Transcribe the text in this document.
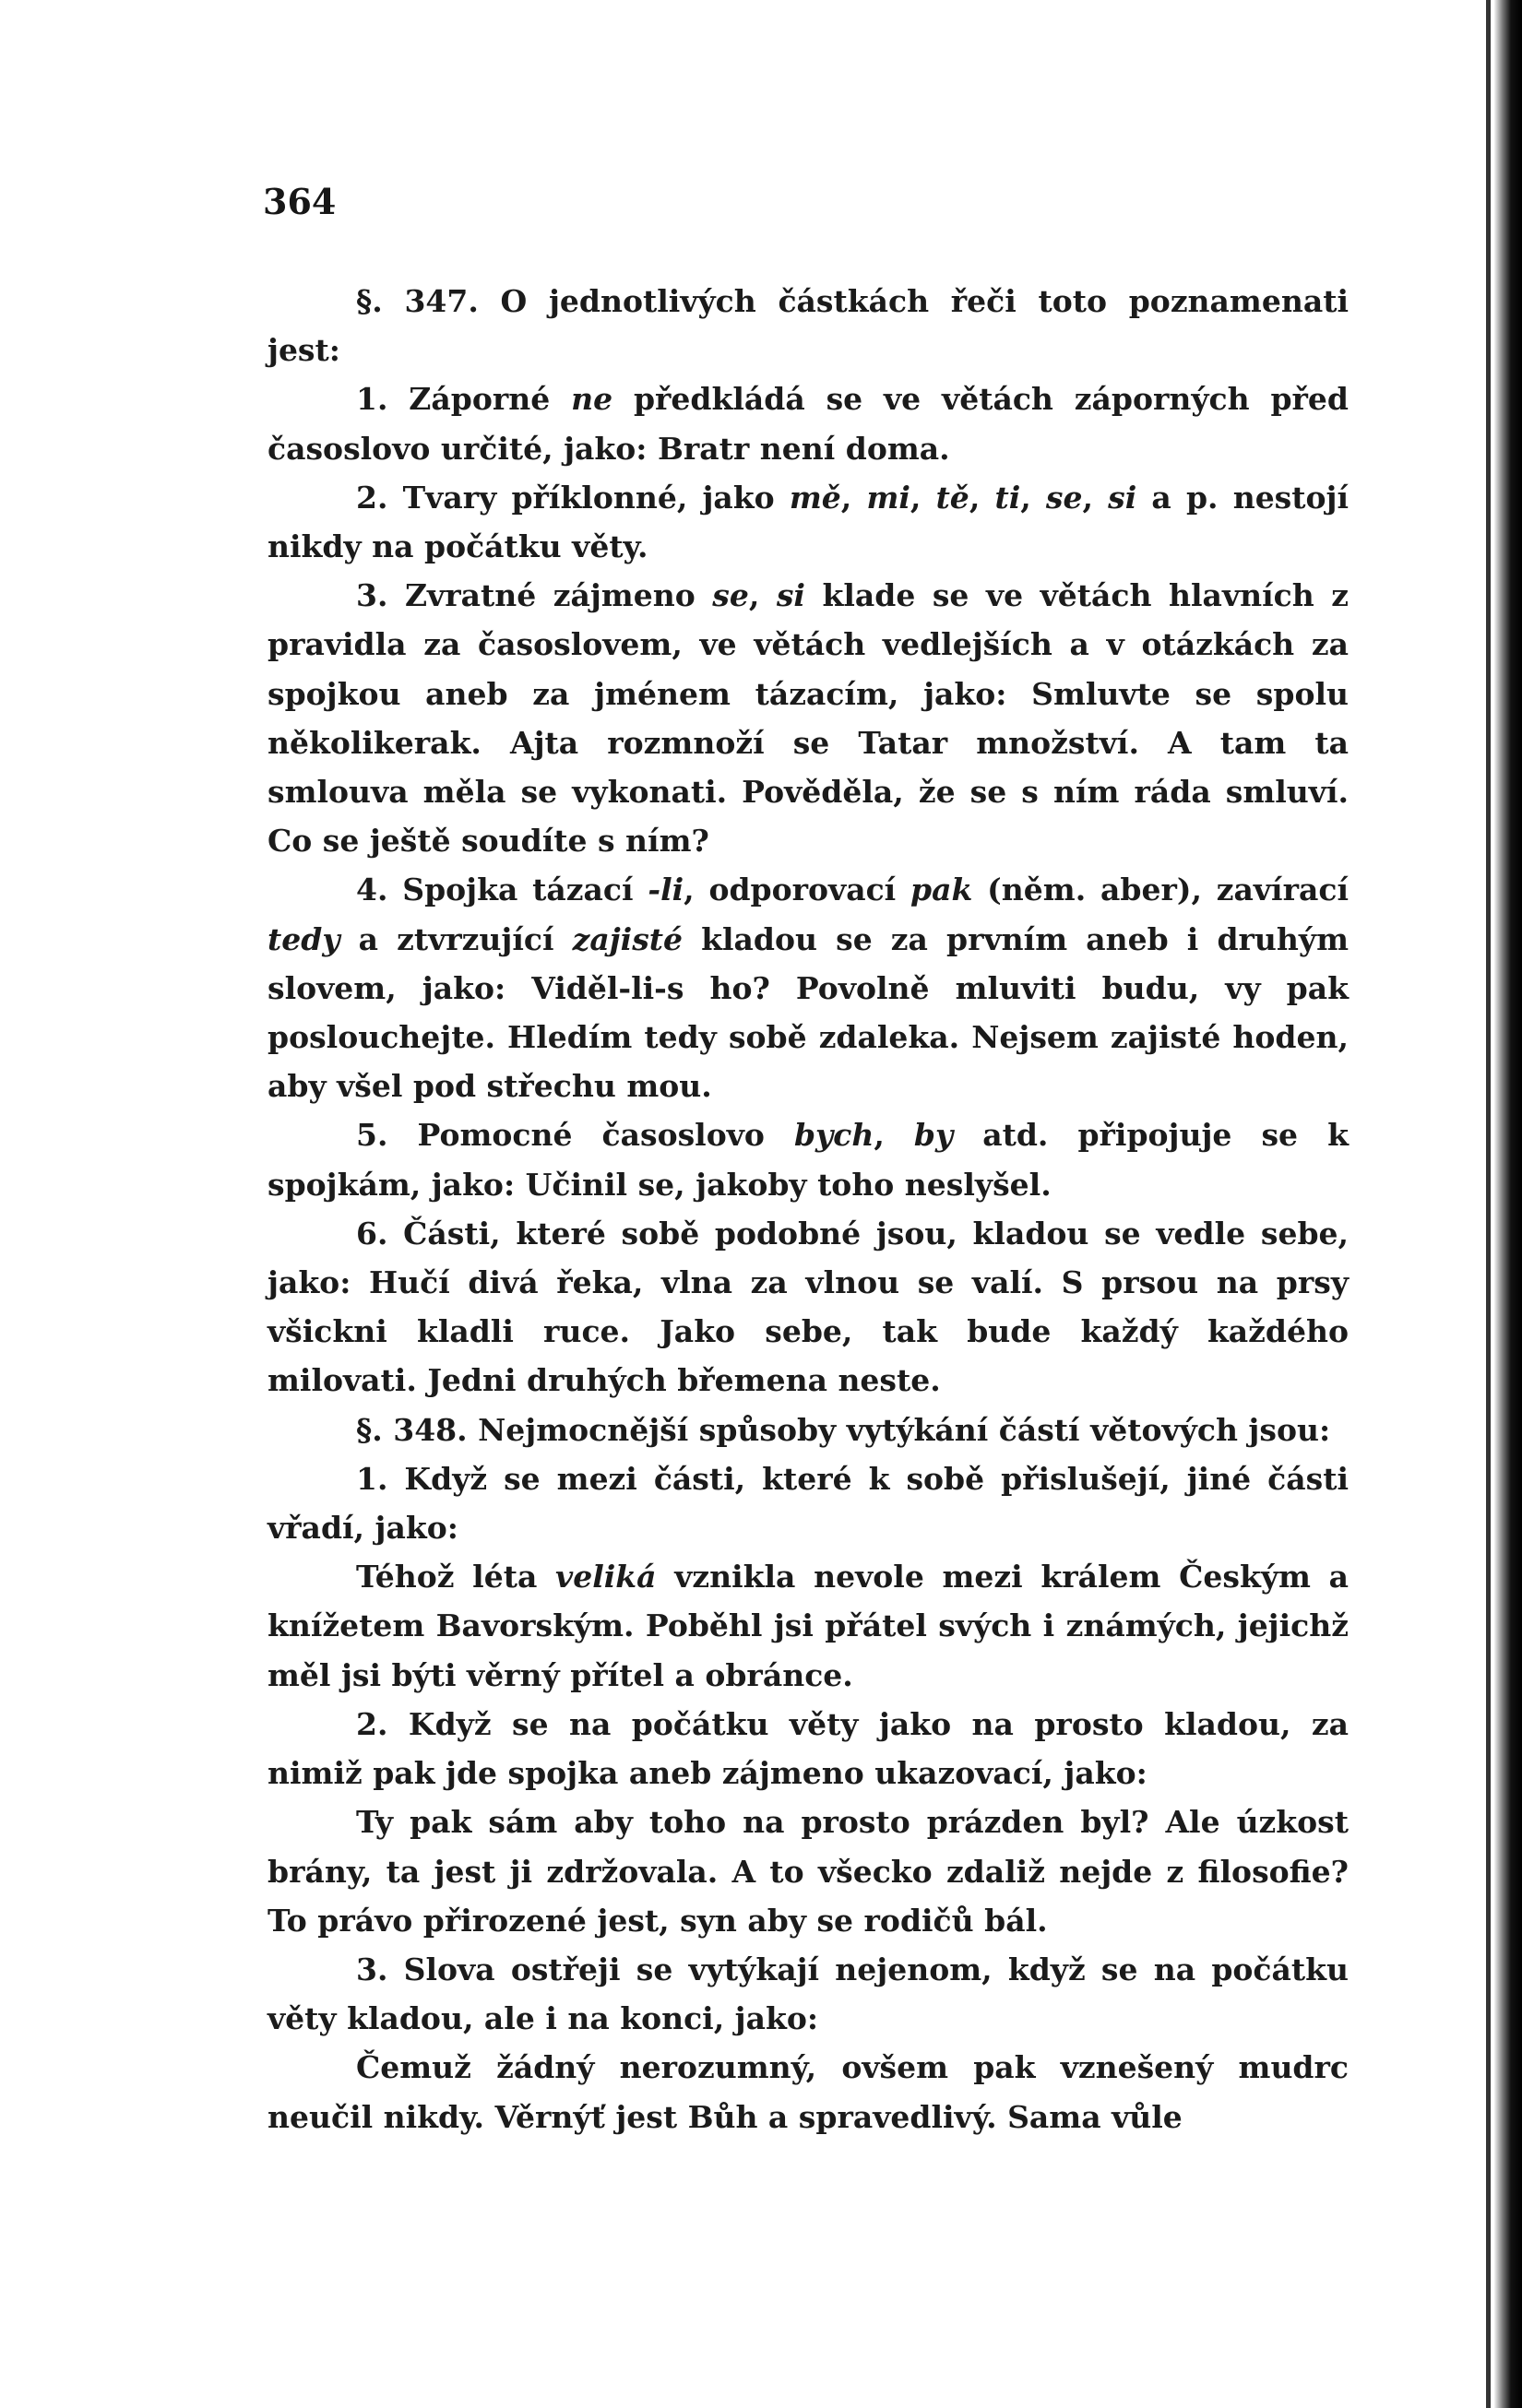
364

§. 347. O jednotlivých částkách řeči toto poznamenati jest:

1. Záporné ne předkládá se ve větách záporných před časoslovo určité, jako: Bratr není doma.

2. Tvary příklonné, jako mě, mi, tě, ti, se, si a p. nestojí nikdy na počátku věty.

3. Zvratné zájmeno se, si klade se ve větách hlavních z pravidla za časoslovem, ve větách vedlejších a v otázkách za spojkou aneb za jménem tázacím, jako: Smluvte se spolu několikerak. Ajta rozmnoží se Tatar množství. A tam ta smlouva měla se vykonati. Pověděla, že se s ním ráda smluví. Co se ještě soudíte s ním?

4. Spojka tázací -li, odporovací pak (něm. aber), zavírací tedy a ztvrzující zajisté kladou se za prvním aneb i druhým slovem, jako: Viděl-li-s ho? Povolně mluviti budu, vy pak poslouchejte. Hledím tedy sobě zdaleka. Nejsem zajisté hoden, aby všel pod střechu mou.

5. Pomocné časoslovo bych, by atd. připojuje se k spojkám, jako: Učinil se, jakoby toho neslyšel.

6. Části, které sobě podobné jsou, kladou se vedle sebe, jako: Hučí divá řeka, vlna za vlnou se valí. S prsou na prsy všickni kladli ruce. Jako sebe, tak bude každý každého milovati. Jedni druhých břemena neste.

§. 348. Nejmocnější spůsoby vytýkání částí větových jsou:

1. Když se mezi části, které k sobě přislušejí, jiné části vřadí, jako:

Téhož léta veliká vznikla nevole mezi králem Českým a knížetem Bavorským. Poběhl jsi přátel svých i známých, jejichž měl jsi býti věrný přítel a obránce.

2. Když se na počátku věty jako na prosto kladou, za nimiž pak jde spojka aneb zájmeno ukazovací, jako:

Ty pak sám aby toho na prosto prázden byl? Ale úzkost brány, ta jest ji zdržovala. A to všecko zdaliž nejde z filosofie? To právo přirozené jest, syn aby se rodičů bál.

3. Slova ostřeji se vytýkají nejenom, když se na počátku věty kladou, ale i na konci, jako:

Čemuž žádný nerozumný, ovšem pak vznešený mudrc neučil nikdy. Věrnýť jest Bůh a spravedlivý. Sama vůle
